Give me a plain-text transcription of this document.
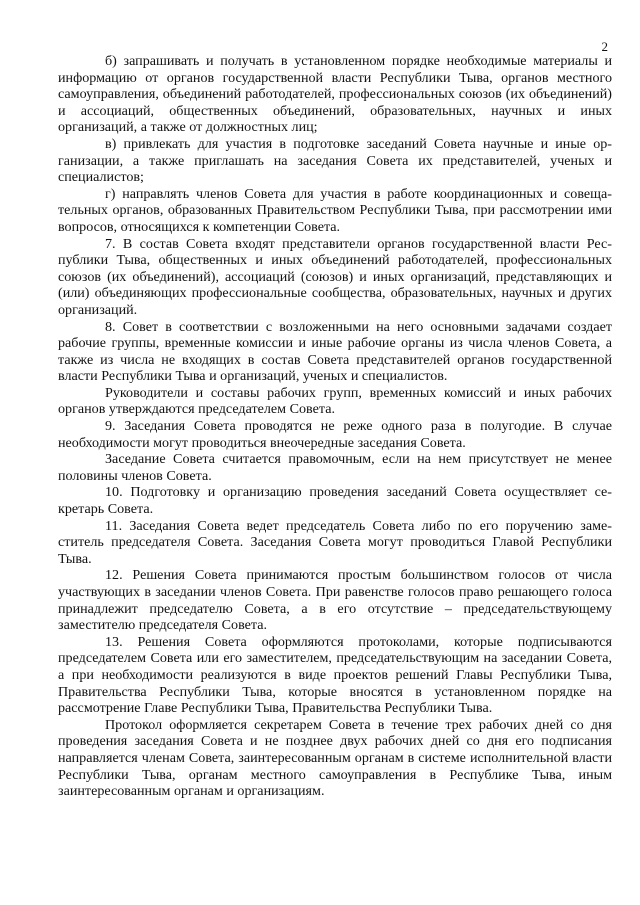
2

б) запрашивать и получать в установленном порядке необходимые материалы и информацию от органов государственной власти Республики Тыва, органов местного самоуправления, объединений работодателей, профессиональных союзов (их объединений) и ассоциаций, общественных объединений, образовательных, научных и иных организаций, а также от должностных лиц;

в) привлекать для участия в подготовке заседаний Совета научные и иные организации, а также приглашать на заседания Совета их представителей, ученых и специалистов;

г) направлять членов Совета для участия в работе координационных и совещательных органов, образованных Правительством Республики Тыва, при рассмотрении ими вопросов, относящихся к компетенции Совета.

7. В состав Совета входят представители органов государственной власти Республики Тыва, общественных и иных объединений работодателей, профессиональных союзов (их объединений), ассоциаций (союзов) и иных организаций, представляющих и (или) объединяющих профессиональные сообщества, образовательных, научных и других организаций.

8. Совет в соответствии с возложенными на него основными задачами создает рабочие группы, временные комиссии и иные рабочие органы из числа членов Совета, а также из числа не входящих в состав Совета представителей органов государственной власти Республики Тыва и организаций, ученых и специалистов.

Руководители и составы рабочих групп, временных комиссий и иных рабочих органов утверждаются председателем Совета.

9. Заседания Совета проводятся не реже одного раза в полугодие. В случае необходимости могут проводиться внеочередные заседания Совета.

Заседание Совета считается правомочным, если на нем присутствует не менее половины членов Совета.

10. Подготовку и организацию проведения заседаний Совета осуществляет секретарь Совета.

11. Заседания Совета ведет председатель Совета либо по его поручению заместитель председателя Совета. Заседания Совета могут проводиться Главой Республики Тыва.

12. Решения Совета принимаются простым большинством голосов от числа участвующих в заседании членов Совета. При равенстве голосов право решающего голоса принадлежит председателю Совета, а в его отсутствие – председательствующему заместителю председателя Совета.

13. Решения Совета оформляются протоколами, которые подписываются председателем Совета или его заместителем, председательствующим на заседании Совета, а при необходимости реализуются в виде проектов решений Главы Республики Тыва, Правительства Республики Тыва, которые вносятся в установленном порядке на рассмотрение Главе Республики Тыва, Правительства Республики Тыва.

Протокол оформляется секретарем Совета в течение трех рабочих дней со дня проведения заседания Совета и не позднее двух рабочих дней со дня его подписания направляется членам Совета, заинтересованным органам в системе исполнительной власти Республики Тыва, органам местного самоуправления в Республике Тыва, иным заинтересованным органам и организациям.
